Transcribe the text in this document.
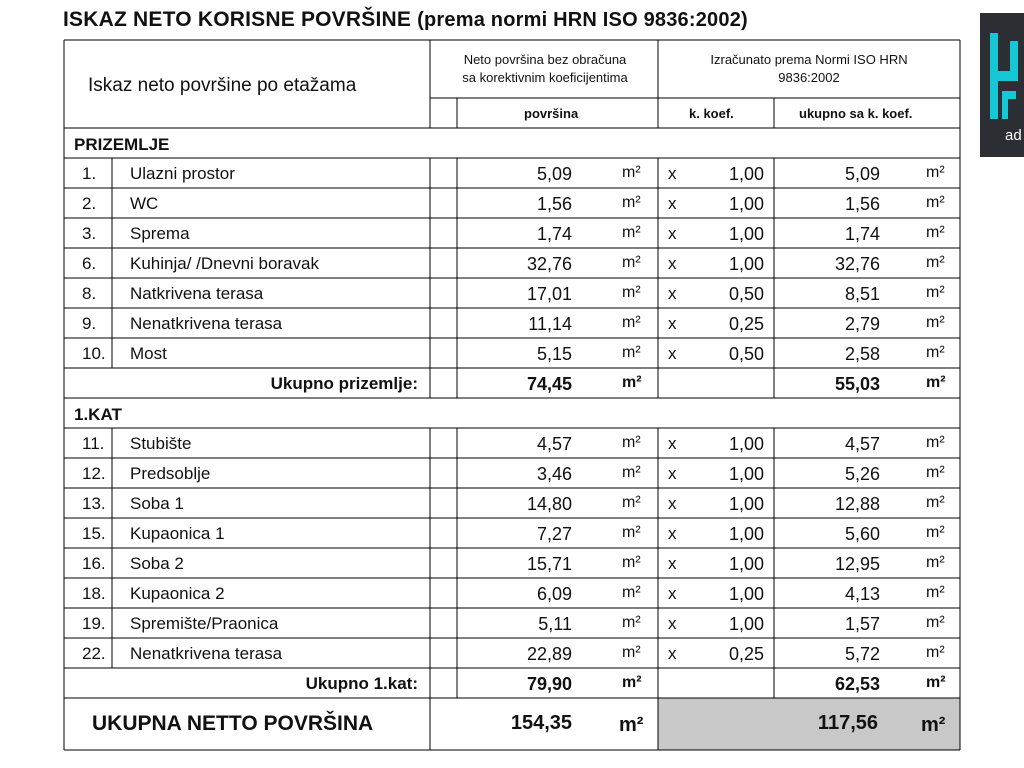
ISKAZ NETO KORISNE POVRŠINE (prema normi HRN ISO 9836:2002)
ad
Iskaz neto površine po etažama
Neto površina bez obračuna
sa korektivnim koeficijentima
Izračunato prema Normi ISO HRN
9836:2002
površina	k. koef.	ukupno sa k. koef.
PRIZEMLJE
1. Ulazni prostor	5,09	m² x	1,00	5,09	m²
2. WC	1,56	m² x	1,00	1,56	m²
3. Sprema	1,74	m² x	1,00	1,74	m²
6. Kuhinja/ /Dnevni boravak	32,76	m² x	1,00	32,76	m²
8. Natkrivena terasa	17,01	m² x	0,50	8,51	m²
9. Nenatkrivena terasa	11,14	m² x	0,25	2,79	m²
10. Most	5,15	m² x	0,50	2,58	m²
Ukupno prizemlje:	74,45	m²	55,03	m²
1.KAT
11. Stubište	4,57	m² x	1,00	4,57	m²
12. Predsoblje	3,46	m² x	1,00	5,26	m²
13. Soba 1	14,80	m² x	1,00	12,88	m²
15. Kupaonica 1	7,27	m² x	1,00	5,60	m²
16. Soba 2	15,71	m² x	1,00	12,95	m²
18. Kupaonica 2	6,09	m² x	1,00	4,13	m²
19. Spremište/Praonica	5,11	m² x	1,00	1,57	m²
22. Nenatkrivena terasa	22,89	m² x	0,25	5,72	m²
Ukupno 1.kat:	79,90	m²	62,53	m²
UKUPNA NETTO POVRŠINA	154,35 m²	117,56 m²
